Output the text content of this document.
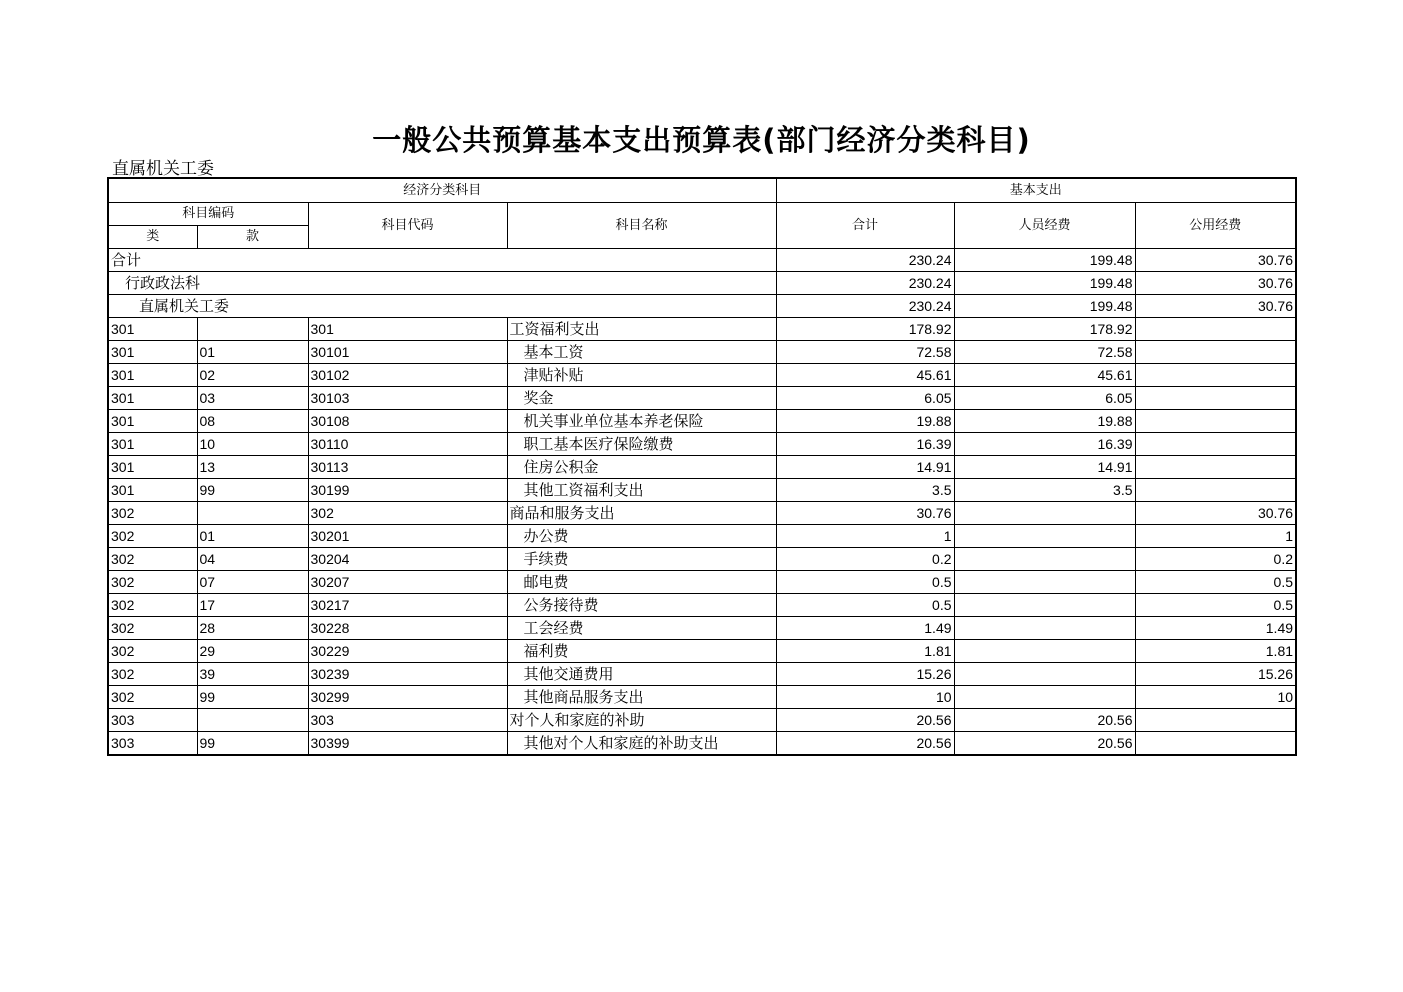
一般公共预算基本支出预算表(部门经济分类科目)
直属机关工委
经济分类科目				基本支出		
科目编码		科目代码	科目名称	合计	人员经费	公用经费
类	款					
合计				230.24	199.48	30.76
行政政法科				230.24	199.48	30.76
直属机关工委				230.24	199.48	30.76
301		301	工资福利支出	178.92	178.92	
301	01	30101	基本工资	72.58	72.58	
301	02	30102	津贴补贴	45.61	45.61	
301	03	30103	奖金	6.05	6.05	
301	08	30108	机关事业单位基本养老保险	19.88	19.88	
301	10	30110	职工基本医疗保险缴费	16.39	16.39	
301	13	30113	住房公积金	14.91	14.91	
301	99	30199	其他工资福利支出	3.5	3.5	
302		302	商品和服务支出	30.76		30.76
302	01	30201	办公费	1		1
302	04	30204	手续费	0.2		0.2
302	07	30207	邮电费	0.5		0.5
302	17	30217	公务接待费	0.5		0.5
302	28	30228	工会经费	1.49		1.49
302	29	30229	福利费	1.81		1.81
302	39	30239	其他交通费用	15.26		15.26
302	99	30299	其他商品服务支出	10		10
303		303	对个人和家庭的补助	20.56	20.56	
303	99	30399	其他对个人和家庭的补助支出	20.56	20.56	
